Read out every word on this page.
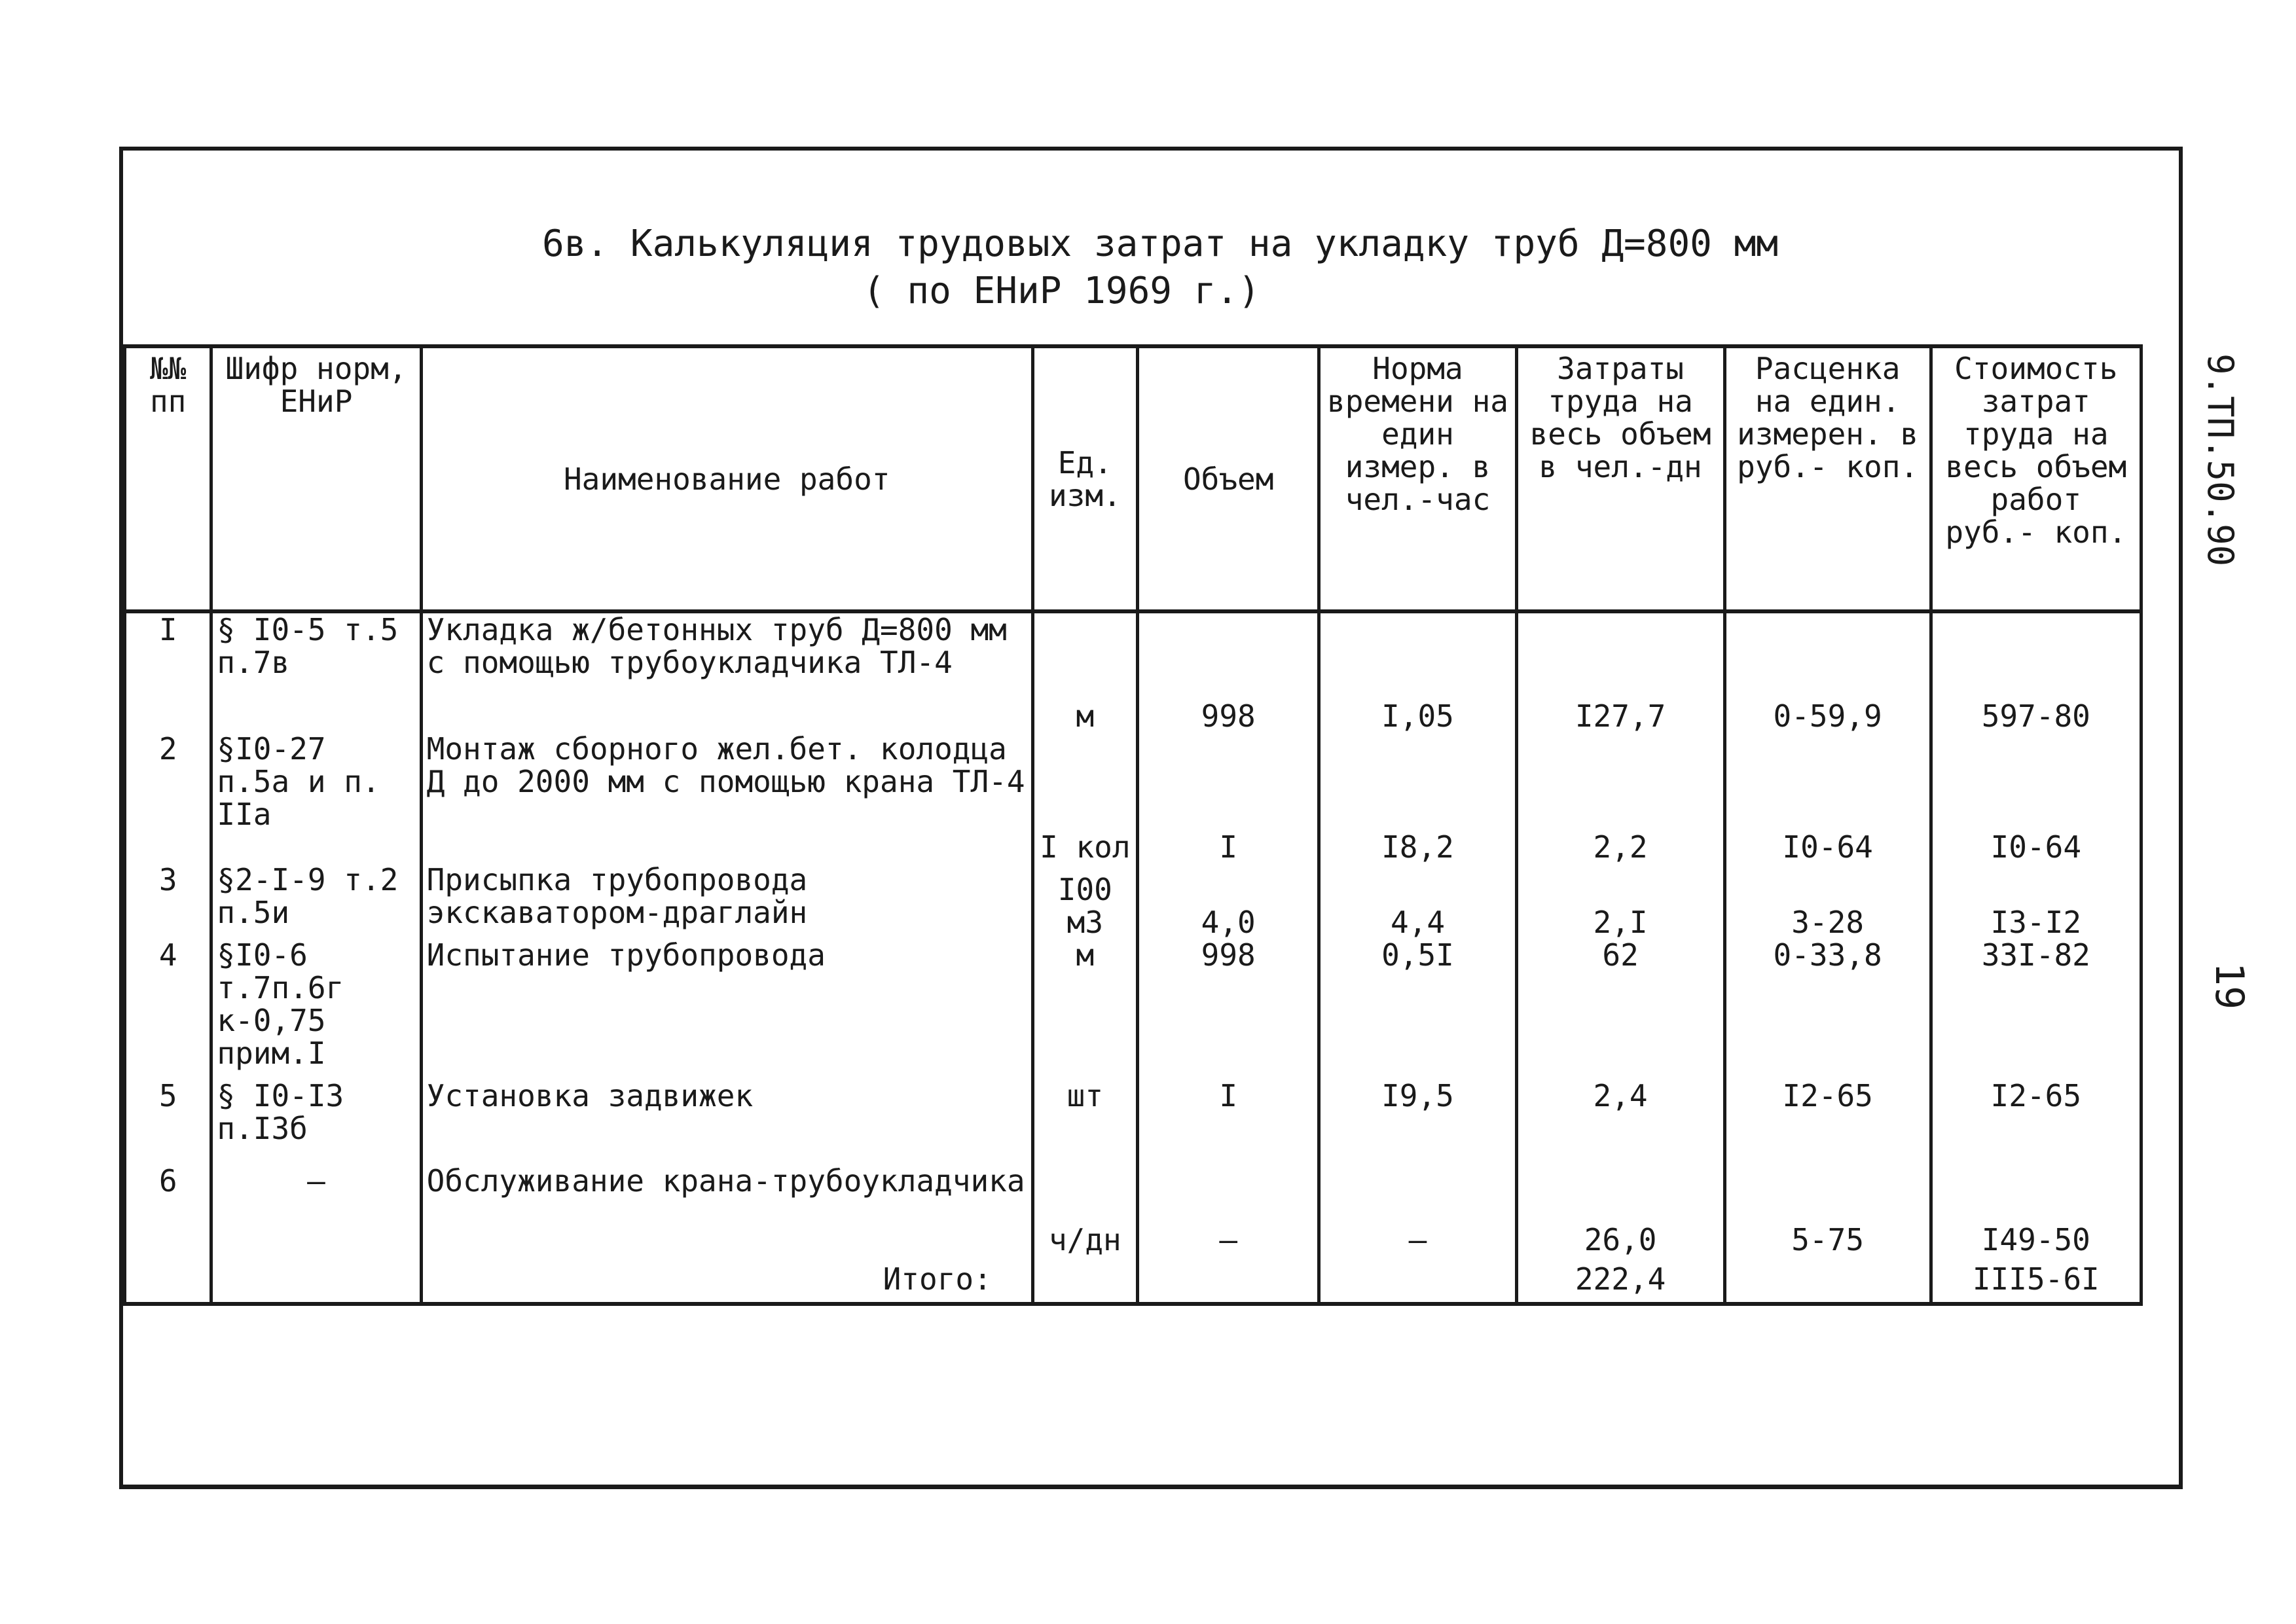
6в. Калькуляция трудовых затрат на укладку труб Д=800 мм
( по ЕНиР 1969 г.)
9.ТП.50.90
19
№№ пп	Шифр норм, ЕНиР	Наименование работ	Ед. изм.	Объем	Норма времени на един измер. в чел.-час	Затраты труда на весь объем в чел.-дн	Расценка на един. измерен. в руб.- коп.	Стоимость затрат труда на весь объем работ руб.- коп.
I	§ I0-5 т.5 п.7в	Укладка ж/бетонных труб Д=800 мм с помощью трубоукладчика ТЛ-4	м	998	I,05	I27,7	0-59,9	597-80
2	§I0-27 п.5а и п. IIа	Монтаж сборного жел.бет. колодца Д до 2000 мм с помощью крана ТЛ-4	I кол	I	I8,2	2,2	I0-64	I0-64
3	§2-I-9 т.2 п.5и	Присыпка трубопровода экскаватором-драглайн	I00 м3	4,0	4,4	2,I	3-28	I3-I2
4	§I0-6 т.7п.6г к-0,75 прим.I	Испытание трубопровода	м	998	0,5I	62	0-33,8	33I-82
5	§ I0-I3 п.I3б	Установка задвижек	шт	I	I9,5	2,4	I2-65	I2-65
6	–	Обслуживание крана-трубоукладчика	ч/дн	–	–	26,0	5-75	I49-50
		Итого:				222,4		III5-6I
